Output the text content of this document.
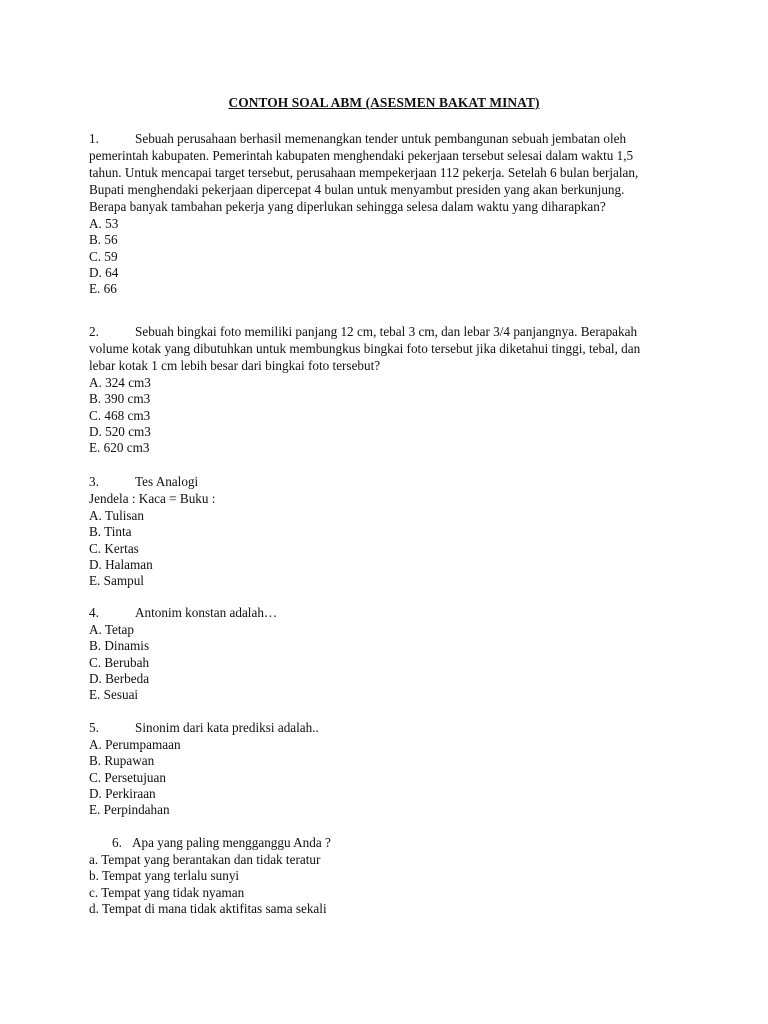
CONTOH SOAL ABM (ASESMEN BAKAT MINAT)
1.	Sebuah perusahaan berhasil memenangkan tender untuk pembangunan sebuah jembatan oleh
pemerintah kabupaten. Pemerintah kabupaten menghendaki pekerjaan tersebut selesai dalam waktu 1,5
tahun. Untuk mencapai target tersebut, perusahaan mempekerjaan 112 pekerja. Setelah 6 bulan berjalan,
Bupati menghendaki pekerjaan dipercepat 4 bulan untuk menyambut presiden yang akan berkunjung.
Berapa banyak tambahan pekerja yang diperlukan sehingga selesa dalam waktu yang diharapkan?
A. 53
B. 56
C. 59
D. 64
E. 66
2.	Sebuah bingkai foto memiliki panjang 12 cm, tebal 3 cm, dan lebar 3/4 panjangnya. Berapakah
volume kotak yang dibutuhkan untuk membungkus bingkai foto tersebut jika diketahui tinggi, tebal, dan
lebar kotak 1 cm lebih besar dari bingkai foto tersebut?
A. 324 cm3
B. 390 cm3
C. 468 cm3
D. 520 cm3
E. 620 cm3
3.	Tes Analogi
Jendela : Kaca = Buku :
A. Tulisan
B. Tinta
C. Kertas
D. Halaman
E. Sampul
4.	Antonim konstan adalah…
A. Tetap
B. Dinamis
C. Berubah
D. Berbeda
E. Sesuai
5.	Sinonim dari kata prediksi adalah..
A. Perumpamaan
B. Rupawan
C. Persetujuan
D. Perkiraan
E. Perpindahan
6. Apa yang paling mengganggu Anda ?
a. Tempat yang berantakan dan tidak teratur
b. Tempat yang terlalu sunyi
c. Tempat yang tidak nyaman
d. Tempat di mana tidak aktifitas sama sekali
